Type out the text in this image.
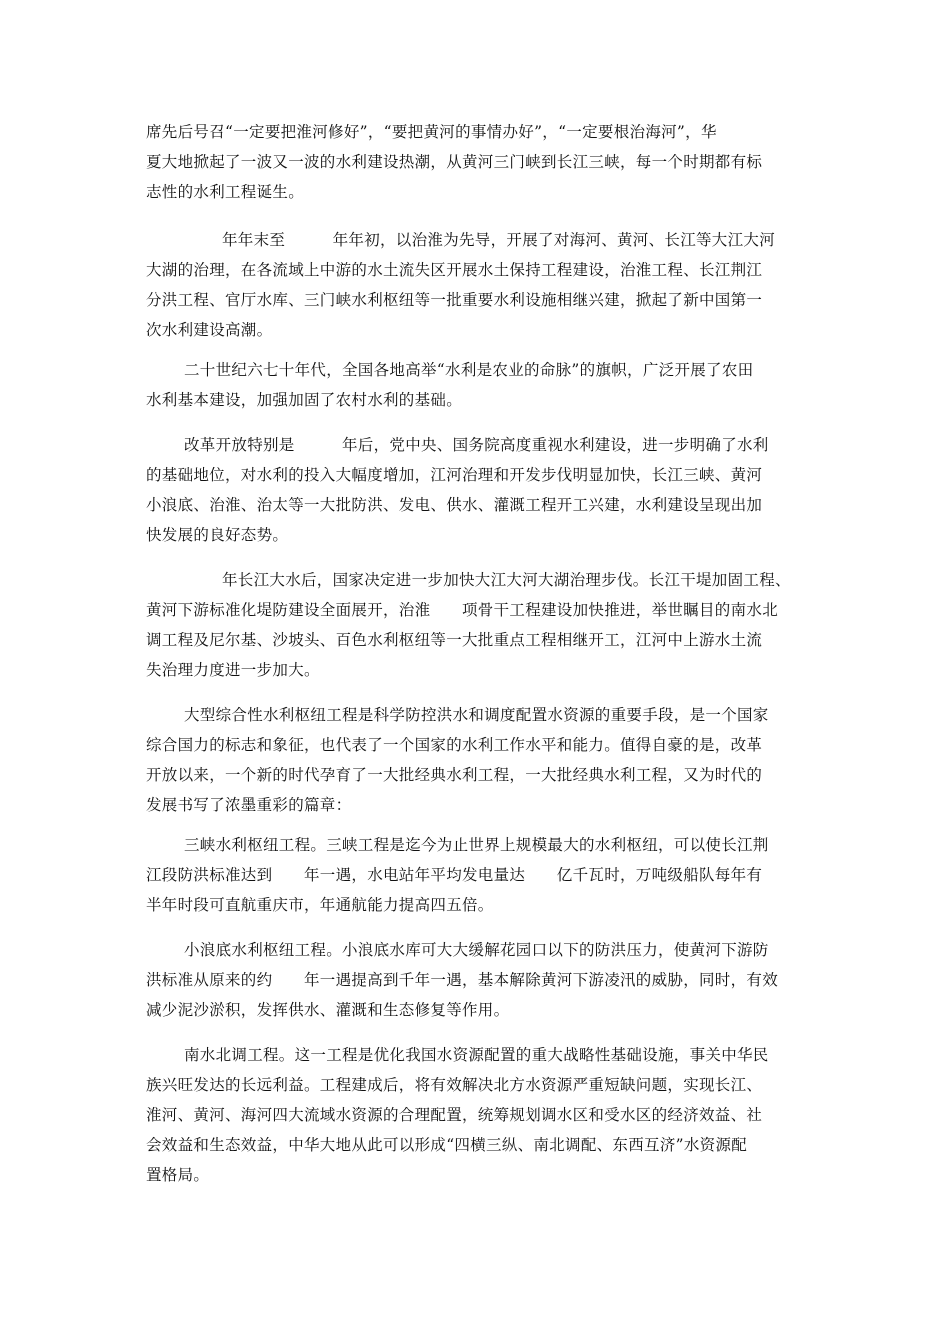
席先后号召“一定要把淮河修好”，“要把黄河的事情办好”，“一定要根治海河”，华
夏大地掀起了一波又一波的水利建设热潮，从黄河三门峡到长江三峡，每一个时期都有标
志性的水利工程诞生。

年年末至　　　年年初，以治淮为先导，开展了对海河、黄河、长江等大江大河
大湖的治理，在各流域上中游的水土流失区开展水土保持工程建设，治淮工程、长江荆江
分洪工程、官厅水库、三门峡水利枢纽等一批重要水利设施相继兴建，掀起了新中国第一
次水利建设高潮。

二十世纪六七十年代，全国各地高举“水利是农业的命脉”的旗帜，广泛开展了农田
水利基本建设，加强加固了农村水利的基础。

改革开放特别是　　　年后，党中央、国务院高度重视水利建设，进一步明确了水利
的基础地位，对水利的投入大幅度增加，江河治理和开发步伐明显加快，长江三峡、黄河
小浪底、治淮、治太等一大批防洪、发电、供水、灌溉工程开工兴建，水利建设呈现出加
快发展的良好态势。

年长江大水后，国家决定进一步加快大江大河大湖治理步伐。长江干堤加固工程、
黄河下游标准化堤防建设全面展开，治淮　　项骨干工程建设加快推进，举世瞩目的南水北
调工程及尼尔基、沙坡头、百色水利枢纽等一大批重点工程相继开工，江河中上游水土流
失治理力度进一步加大。

大型综合性水利枢纽工程是科学防控洪水和调度配置水资源的重要手段，是一个国家
综合国力的标志和象征，也代表了一个国家的水利工作水平和能力。值得自豪的是，改革
开放以来，一个新的时代孕育了一大批经典水利工程，一大批经典水利工程，又为时代的
发展书写了浓墨重彩的篇章：

三峡水利枢纽工程。三峡工程是迄今为止世界上规模最大的水利枢纽，可以使长江荆
江段防洪标准达到　　年一遇，水电站年平均发电量达　　亿千瓦时，万吨级船队每年有
半年时段可直航重庆市，年通航能力提高四五倍。

小浪底水利枢纽工程。小浪底水库可大大缓解花园口以下的防洪压力，使黄河下游防
洪标准从原来的约　　年一遇提高到千年一遇，基本解除黄河下游凌汛的威胁，同时，有效
减少泥沙淤积，发挥供水、灌溉和生态修复等作用。

南水北调工程。这一工程是优化我国水资源配置的重大战略性基础设施，事关中华民
族兴旺发达的长远利益。工程建成后，将有效解决北方水资源严重短缺问题，实现长江、
淮河、黄河、海河四大流域水资源的合理配置，统筹规划调水区和受水区的经济效益、社
会效益和生态效益，中华大地从此可以形成“四横三纵、南北调配、东西互济”水资源配
置格局。
